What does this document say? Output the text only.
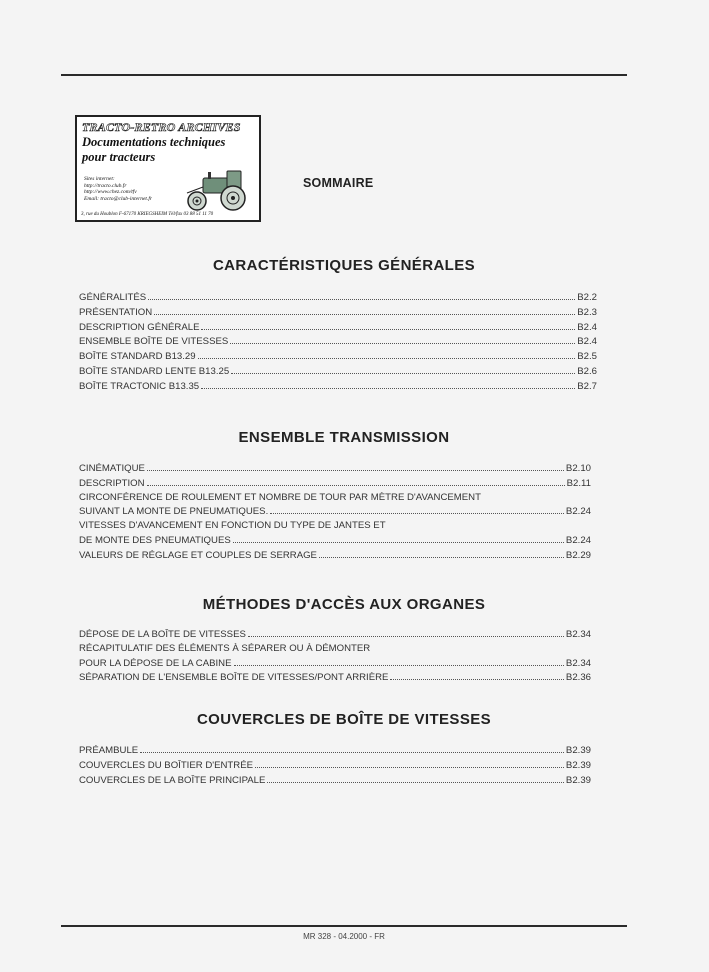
TRACTO-RETRO ARCHIVES
Documentations techniques
pour tracteurs
Sites internet:
http://tracto.club.fr
http://www.chez.com/tfv
Email: tracto@club-internet.fr
3, rue du Houblon F-67170 KRIEGSHEIM Tél/fax 03 88 51 11 70
SOMMAIRE
CARACTÉRISTIQUES GÉNÉRALES
GÉNÉRALITÉS	B2.2
PRÉSENTATION	B2.3
DESCRIPTION GÉNÉRALE	B2.4
ENSEMBLE BOÎTE DE VITESSES	B2.4
BOÎTE STANDARD B13.29	B2.5
BOÎTE STANDARD LENTE B13.25	B2.6
BOÎTE TRACTONIC B13.35	B2.7
ENSEMBLE TRANSMISSION
CINÉMATIQUE	B2.10
DESCRIPTION	B2.11
CIRCONFÉRENCE DE ROULEMENT ET NOMBRE DE TOUR PAR MÈTRE D'AVANCEMENT
SUIVANT LA MONTE DE PNEUMATIQUES.	B2.24
VITESSES D'AVANCEMENT EN FONCTION DU TYPE DE JANTES ET
DE MONTE DES PNEUMATIQUES	B2.24
VALEURS DE RÉGLAGE ET COUPLES DE SERRAGE	B2.29
MÉTHODES D'ACCÈS AUX ORGANES
DÉPOSE DE LA BOÎTE DE VITESSES	B2.34
RÉCAPITULATIF DES ÉLÉMENTS À SÉPARER OU À DÉMONTER
POUR LA DÉPOSE DE LA CABINE	B2.34
SÉPARATION DE L'ENSEMBLE BOÎTE DE VITESSES/PONT ARRIÈRE	B2.36
COUVERCLES DE BOÎTE DE VITESSES
PRÉAMBULE	B2.39
COUVERCLES DU BOÎTIER D'ENTRÉE	B2.39
COUVERCLES DE LA BOÎTE PRINCIPALE	B2.39
MR 328 - 04.2000 - FR
